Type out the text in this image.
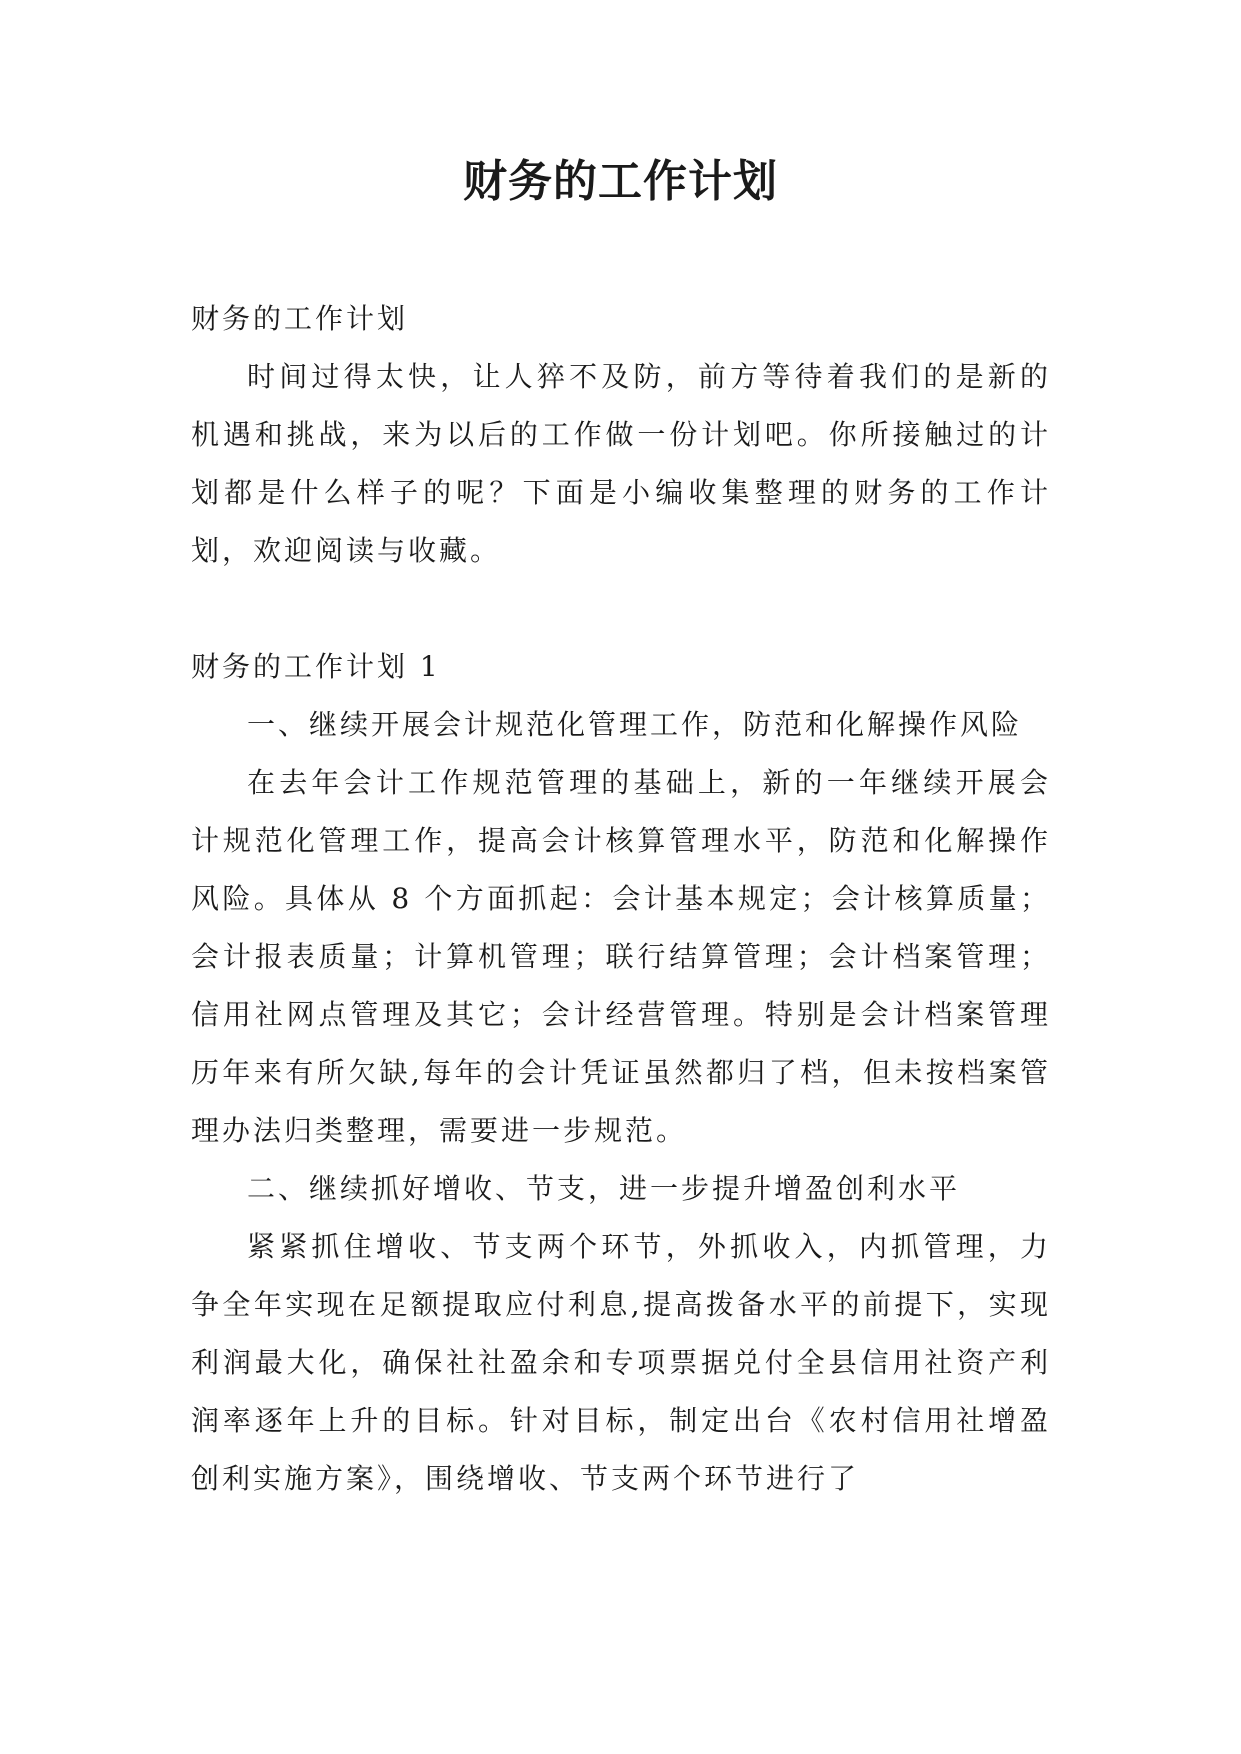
财务的工作计划

财务的工作计划

时间过得太快，让人猝不及防，前方等待着我们的是新的机遇和挑战，来为以后的工作做一份计划吧。你所接触过的计划都是什么样子的呢？下面是小编收集整理的财务的工作计划，欢迎阅读与收藏。

财务的工作计划 1

一、继续开展会计规范化管理工作，防范和化解操作风险

在去年会计工作规范管理的基础上，新的一年继续开展会计规范化管理工作，提高会计核算管理水平，防范和化解操作风险。具体从 8 个方面抓起：会计基本规定；会计核算质量；会计报表质量；计算机管理；联行结算管理；会计档案管理；信用社网点管理及其它；会计经营管理。特别是会计档案管理历年来有所欠缺,每年的会计凭证虽然都归了档，但未按档案管理办法归类整理，需要进一步规范。

二、继续抓好增收、节支，进一步提升增盈创利水平

紧紧抓住增收、节支两个环节，外抓收入，内抓管理，力争全年实现在足额提取应付利息,提高拨备水平的前提下，实现利润最大化，确保社社盈余和专项票据兑付全县信用社资产利润率逐年上升的目标。针对目标，制定出台《农村信用社增盈创利实施方案》，围绕增收、节支两个环节进行了
